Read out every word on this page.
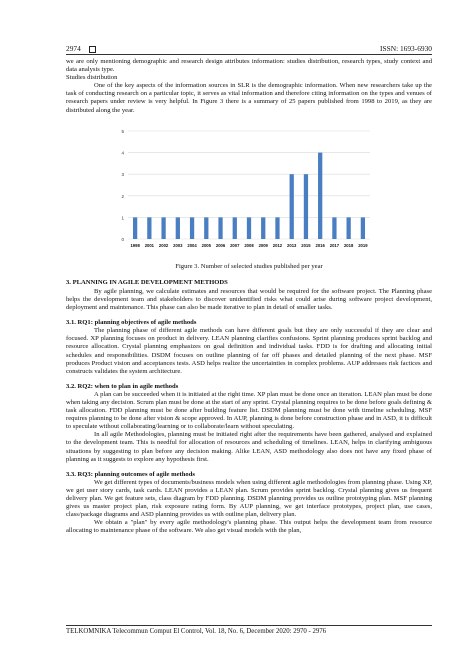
2974	ISSN: 1693-6930

we are only mentioning demographic and research design attributes information: studies distribution, research types, study context and data analysis type.

Studies distribution

One of the key aspects of the information sources in SLR is the demographic information. When new researchers take up the task of conducting research on a particular topic, it serves as vital information and therefore citing information on the types and venues of research papers under review is very helpful. In Figure 3 there is a summary of 25 papers published from 1998 to 2019, as they are distributed along the year.

0
1
2
3
4
5
1998 2001 2002 2003 2004 2005 2006 2007 2008 2009 2012 2013 2015 2016 2017 2018 2019

Figure 3. Number of selected studies published per year

3. PLANNING IN AGILE DEVELOPMENT METHODS

By agile planning, we calculate estimates and resources that would be required for the software project. The Planning phase helps the development team and stakeholders to discover unidentified risks what could arise during software project development, deployment and maintenance. This phase can also be made iterative to plan in detail of smaller tasks.

3.1. RQ1: planning objectives of agile methods

The planning phase of different agile methods can have different goals but they are only successful if they are clear and focused. XP planning focuses on product in delivery. LEAN planning clarifies confusions. Sprint planning produces sprint backlog and resource allocation. Crystal planning emphasizes on goal definition and individual tasks. FDD is for drafting and allocating initial schedules and responsibilities. DSDM focuses on outline planning of far off phases and detailed planning of the next phase. MSF produces Product vision and acceptances tests. ASD helps realize the uncertainties in complex problems. AUP addresses risk factices and constructs validates the system architecture.

3.2. RQ2: when to plan in agile methods

A plan can be succeeded when it is initiated at the right time. XP plan must be done once an iteration. LEAN plan must be done when taking any decision. Scrum plan must be done at the start of any sprint. Crystal planning requires to be done before goals defining & task allocation. FDD planning must be done after building feature list. DSDM planning must be done with timeline scheduling. MSF requires planning to be done after vision & scope approved. In AUP, planning is done before construction phase and in ASD, it is difficult to speculate without collaborating/learning or to collaborate/learn without speculating.

In all agile Methodologies, planning must be initiated right after the requirements have been gathered, analysed and explained to the development team. This is needful for allocation of resources and scheduling of timelines. LEAN, helps in clarifying ambiguous situations by suggesting to plan before any decision making. Alike LEAN, ASD methodology also does not have any fixed phase of planning as it suggests to explore any hypothesis first.

3.3. RQ3: planning outcomes of agile methods

We get different types of documents/business models when using different agile methodologies from planning phase. Using XP, we get user story cards, task cards. LEAN provides a LEAN plan. Scrum provides sprint backlog. Crystal planning gives us frequent delivery plan. We get feature sets, class diagram by FDD planning. DSDM planning provides us outline prototyping plan. MSF planning gives us master project plan, risk exposure rating form. By AUP planning, we get interface prototypes, project plan, use cases, class/package diagrams and ASD planning provides us with outline plan, delivery plan.

We obtain a "plan" by every agile methodology's planning phase. This output helps the development team from resource allocating to maintenance phase of the software. We also get visual models with the plan,

TELKOMNIKA Telecommun Comput El Control, Vol. 18, No. 6, December 2020: 2970 - 2976
